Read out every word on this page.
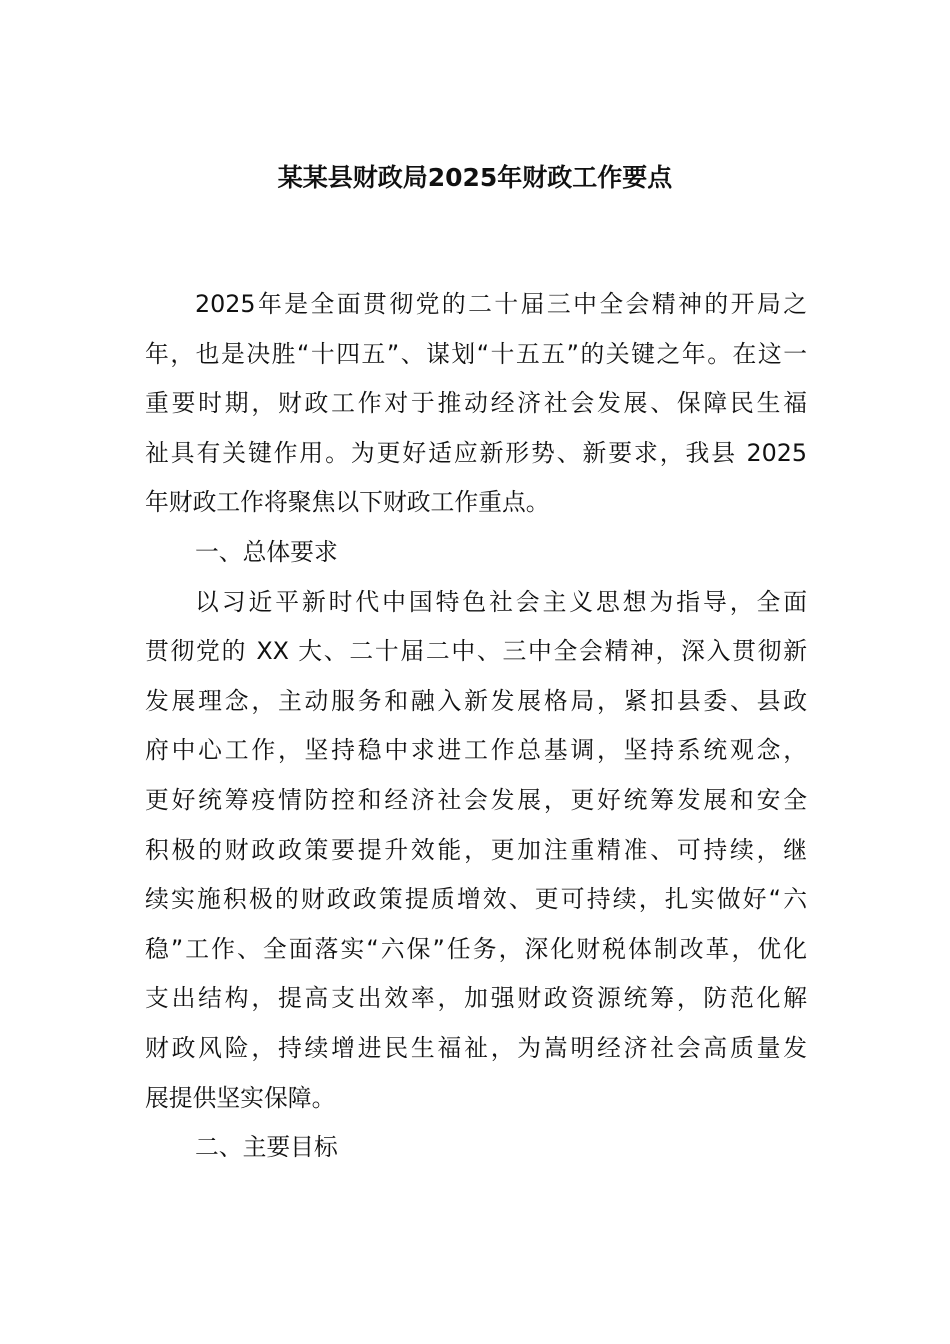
某某县财政局2025年财政工作要点
2025年是全面贯彻党的二十届三中全会精神的开局之
年，也是决胜“十四五”、谋划“十五五”的关键之年。在这一
重要时期，财政工作对于推动经济社会发展、保障民生福
祉具有关键作用。为更好适应新形势、新要求，我县 2025
年财政工作将聚焦以下财政工作重点。
一、总体要求
以习近平新时代中国特色社会主义思想为指导，全面
贯彻党的 XX 大、二十届二中、三中全会精神，深入贯彻新
发展理念，主动服务和融入新发展格局，紧扣县委、县政
府中心工作，坚持稳中求进工作总基调，坚持系统观念，
更好统筹疫情防控和经济社会发展，更好统筹发展和安全
积极的财政政策要提升效能，更加注重精准、可持续，继
续实施积极的财政政策提质增效、更可持续，扎实做好“六
稳”工作、全面落实“六保”任务，深化财税体制改革，优化
支出结构，提高支出效率，加强财政资源统筹，防范化解
财政风险，持续增进民生福祉，为嵩明经济社会高质量发
展提供坚实保障。
二、主要目标
